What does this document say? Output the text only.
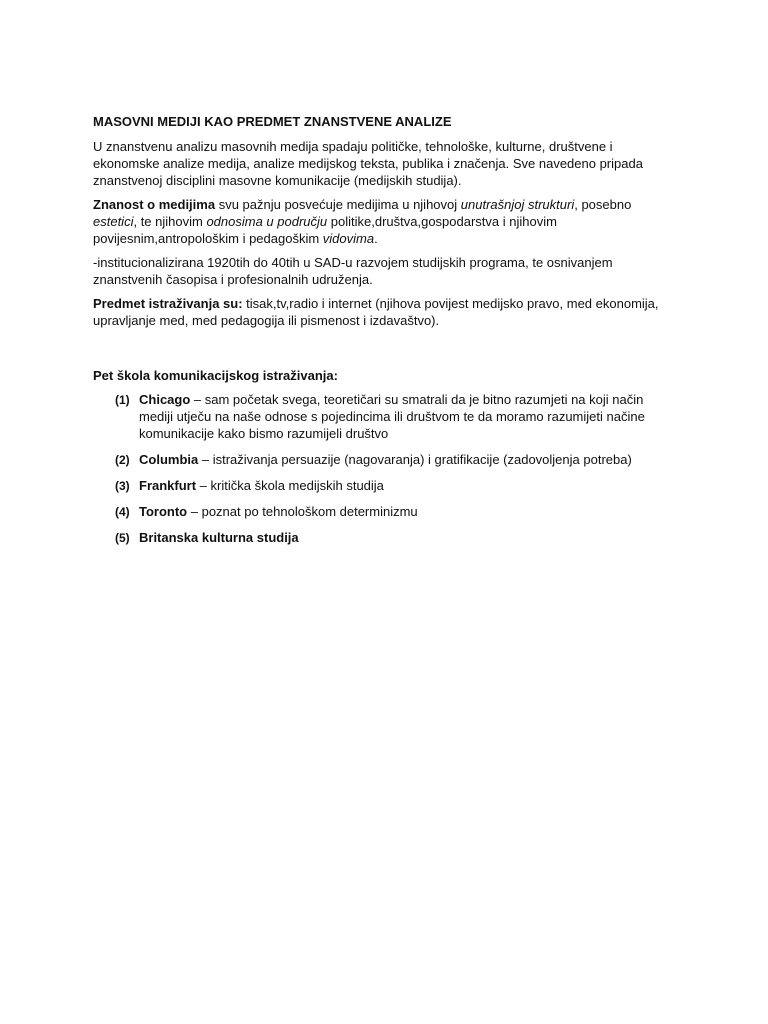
MASOVNI MEDIJI KAO PREDMET ZNANSTVENE ANALIZE

U znanstvenu analizu masovnih medija spadaju političke, tehnološke, kulturne, društvene i ekonomske analize medija, analize medijskog teksta, publika i značenja. Sve navedeno pripada znanstvenoj disciplini masovne komunikacije (medijskih studija).

Znanost o medijima svu pažnju posvećuje medijima u njihovoj unutrašnjoj strukturi, posebno estetici, te njihovim odnosima u području politike,društva,gospodarstva i njihovim povijesnim,antropološkim i pedagoškim vidovima.

-institucionalizirana 1920tih do 40tih u SAD-u razvojem studijskih programa, te osnivanjem znanstvenih časopisa i profesionalnih udruženja.

Predmet istraživanja su: tisak,tv,radio i internet (njihova povijest medijsko pravo, med ekonomija, upravljanje med, med pedagogija ili pismenost i izdavaštvo).

Pet škola komunikacijskog istraživanja:

(1) Chicago – sam početak svega, teoretičari su smatrali da je bitno razumjeti na koji način mediji utječu na naše odnose s pojedincima ili društvom te da moramo razumijeti načine komunikacije kako bismo razumijeli društvo
(2) Columbia – istraživanja persuazije (nagovaranja) i gratifikacije (zadovoljenja potreba)
(3) Frankfurt – kritička škola medijskih studija
(4) Toronto – poznat po tehnološkom determinizmu
(5) Britanska kulturna studija
